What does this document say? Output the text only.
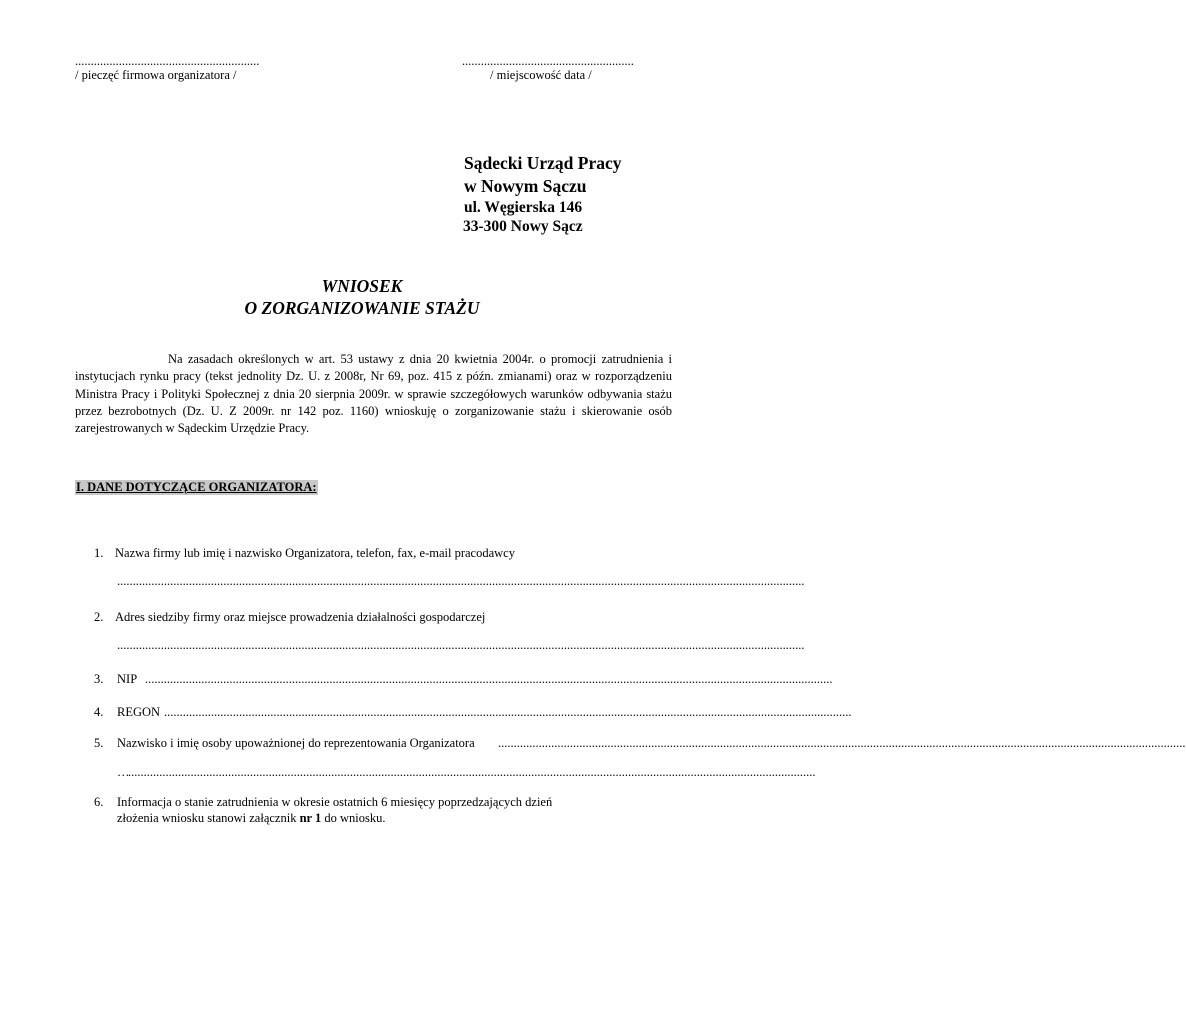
...........................................................
/ pieczęć firmowa organizatora /
.......................................................
/ miejscowość data /
Sądecki Urząd Pracy
w Nowym Sączu
ul. Węgierska 146
33-300 Nowy Sącz
WNIOSEK
O ZORGANIZOWANIE STAŻU
Na zasadach określonych w art. 53 ustawy z dnia 20 kwietnia 2004r. o promocji zatrudnienia i instytucjach rynku pracy (tekst jednolity Dz. U. z 2008r, Nr 69, poz. 415 z późn. zmianami) oraz w rozporządzeniu Ministra Pracy i Polityki Społecznej z dnia 20 sierpnia 2009r. w sprawie szczegółowych warunków odbywania stażu przez bezrobotnych (Dz. U. Z 2009r. nr 142 poz. 1160) wnioskuję o zorganizowanie stażu i skierowanie osób zarejestrowanych w Sądeckim Urzędzie Pracy.
I. DANE DOTYCZĄCE ORGANIZATORA:
1. Nazwa firmy lub imię i nazwisko Organizatora, telefon, fax, e-mail pracodawcy
............................................................................................................................................................................................................................
2. Adres siedziby firmy oraz miejsce prowadzenia działalności gospodarczej
............................................................................................................................................................................................................................
3. NIP ............................................................................................................................................................................................................................
4. REGON ............................................................................................................................................................................................................................
5. Nazwisko i imię osoby upoważnionej do reprezentowania Organizatora ............................................................................................................................................................................................................................
…
............................................................................................................................................................................................................................
6. Informacja o stanie zatrudnienia w okresie ostatnich 6 miesięcy poprzedzających dzień
złożenia wniosku stanowi załącznik nr 1 do wniosku.
